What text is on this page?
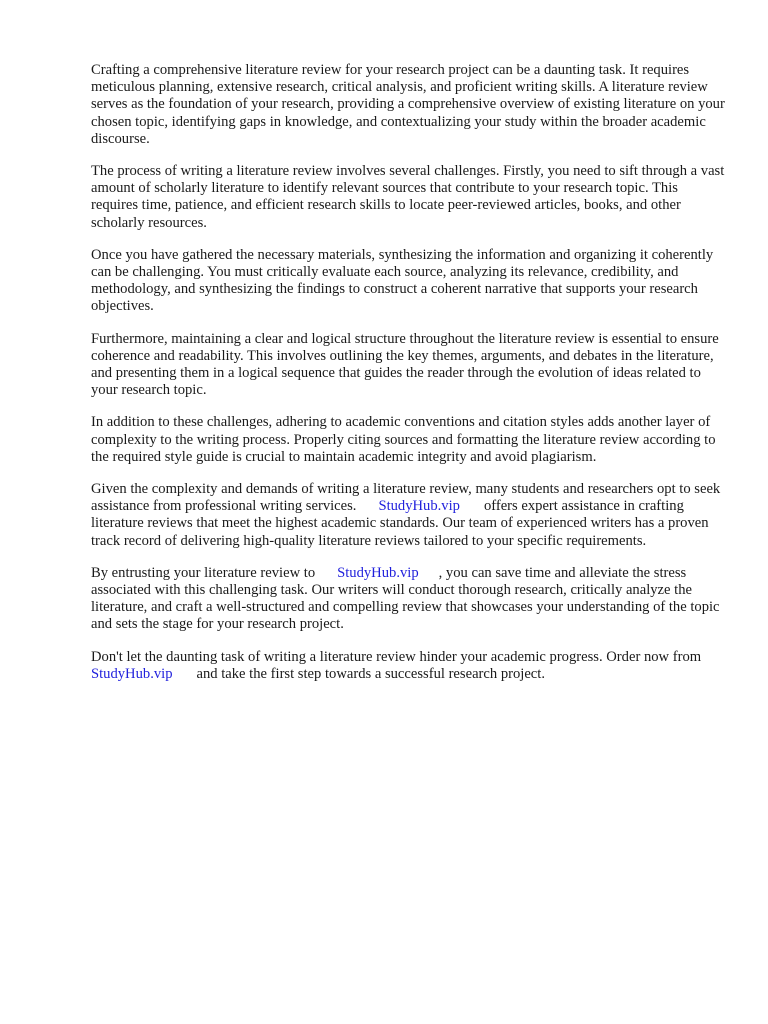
Crafting a comprehensive literature review for your research project can be a daunting task. It requires meticulous planning, extensive research, critical analysis, and proficient writing skills. A literature review serves as the foundation of your research, providing a comprehensive overview of existing literature on your chosen topic, identifying gaps in knowledge, and contextualizing your study within the broader academic discourse.

The process of writing a literature review involves several challenges. Firstly, you need to sift through a vast amount of scholarly literature to identify relevant sources that contribute to your research topic. This requires time, patience, and efficient research skills to locate peer-reviewed articles, books, and other scholarly resources.

Once you have gathered the necessary materials, synthesizing the information and organizing it coherently can be challenging. You must critically evaluate each source, analyzing its relevance, credibility, and methodology, and synthesizing the findings to construct a coherent narrative that supports your research objectives.

Furthermore, maintaining a clear and logical structure throughout the literature review is essential to ensure coherence and readability. This involves outlining the key themes, arguments, and debates in the literature, and presenting them in a logical sequence that guides the reader through the evolution of ideas related to your research topic.

In addition to these challenges, adhering to academic conventions and citation styles adds another layer of complexity to the writing process. Properly citing sources and formatting the literature review according to the required style guide is crucial to maintain academic integrity and avoid plagiarism.

Given the complexity and demands of writing a literature review, many students and researchers opt to seek assistance from professional writing services. StudyHub.vip offers expert assistance in crafting literature reviews that meet the highest academic standards. Our team of experienced writers has a proven track record of delivering high-quality literature reviews tailored to your specific requirements.

By entrusting your literature review to StudyHub.vip , you can save time and alleviate the stress associated with this challenging task. Our writers will conduct thorough research, critically analyze the literature, and craft a well-structured and compelling review that showcases your understanding of the topic and sets the stage for your research project.

Don't let the daunting task of writing a literature review hinder your academic progress. Order now fromStudyHub.vip and take the first step towards a successful research project.
